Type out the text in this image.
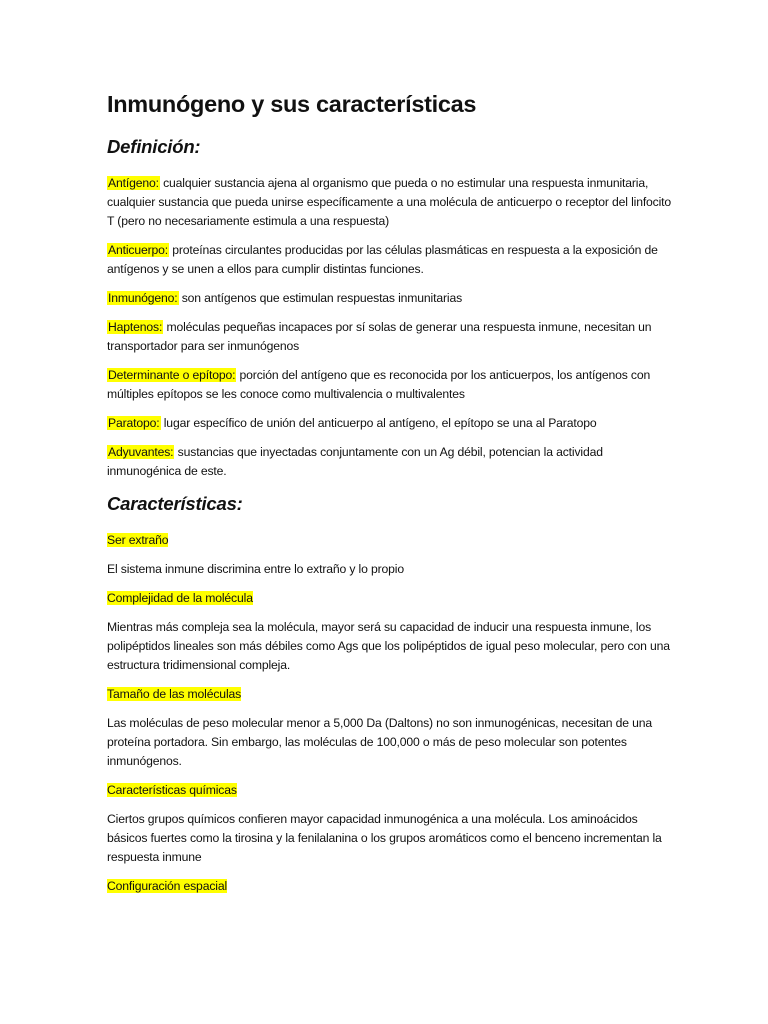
Inmunógeno y sus características
Definición:

Antígeno: cualquier sustancia ajena al organismo que pueda o no estimular una respuesta inmunitaria, cualquier sustancia que pueda unirse específicamente a una molécula de anticuerpo o receptor del linfocito T (pero no necesariamente estimula a una respuesta)

Anticuerpo: proteínas circulantes producidas por las células plasmáticas en respuesta a la exposición de antígenos y se unen a ellos para cumplir distintas funciones.

Inmunógeno: son antígenos que estimulan respuestas inmunitarias

Haptenos: moléculas pequeñas incapaces por sí solas de generar una respuesta inmune, necesitan un transportador para ser inmunógenos

Determinante o epítopo: porción del antígeno que es reconocida por los anticuerpos, los antígenos con múltiples epítopos se les conoce como multivalencia o multivalentes

Paratopo: lugar específico de unión del anticuerpo al antígeno, el epítopo se una al Paratopo

Adyuvantes: sustancias que inyectadas conjuntamente con un Ag débil, potencian la actividad inmunogénica de este.

Características:

Ser extraño

El sistema inmune discrimina entre lo extraño y lo propio

Complejidad de la molécula

Mientras más compleja sea la molécula, mayor será su capacidad de inducir una respuesta inmune, los polipéptidos lineales son más débiles como Ags que los polipéptidos de igual peso molecular, pero con una estructura tridimensional compleja.

Tamaño de las moléculas

Las moléculas de peso molecular menor a 5,000 Da (Daltons) no son inmunogénicas, necesitan de una proteína portadora. Sin embargo, las moléculas de 100,000 o más de peso molecular son potentes inmunógenos.

Características químicas

Ciertos grupos químicos confieren mayor capacidad inmunogénica a una molécula. Los aminoácidos básicos fuertes como la tirosina y la fenilalanina o los grupos aromáticos como el benceno incrementan la respuesta inmune

Configuración espacial
